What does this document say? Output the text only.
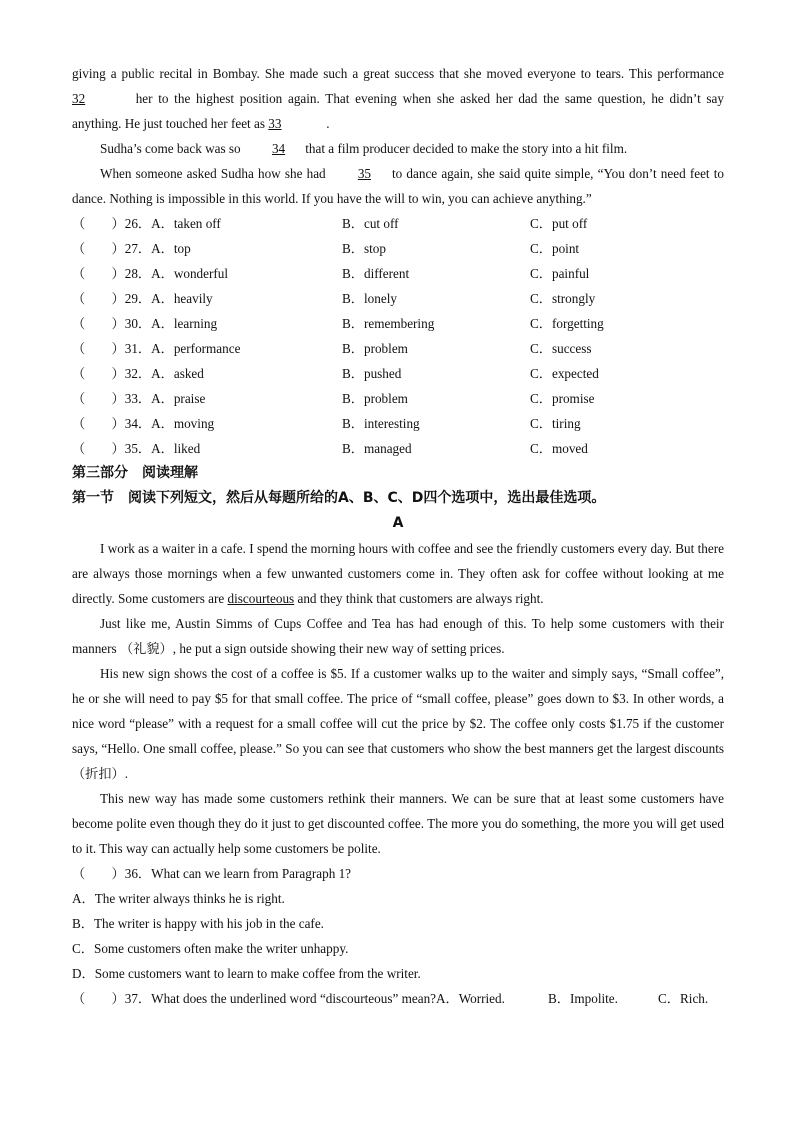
giving a public recital in Bombay. She made such a great success that she moved everyone to tears. This performance 32	her to the highest position again. That evening when she asked her dad the same question, he didn’t say anything. He just touched her feet as 33	.

Sudha’s come back was so 34 that a film producer decided to make the story into a hit film.

When someone asked Sudha how she had 35 to dance again, she said quite simple, “You don’t need feet to dance. Nothing is impossible in this world. If you have the will to win, you can achieve anything.”

（　　）26．A．taken off	B．cut off	C．put off
（　　）27．A．top	B．stop	C．point
（　　）28．A．wonderful	B．different	C．painful
（　　）29．A．heavily	B．lonely	C．strongly
（　　）30．A．learning	B．remembering	C．forgetting
（　　）31．A．performance	B．problem	C．success
（　　）32．A．asked	B．pushed	C．expected
（　　）33．A．praise	B．problem	C．promise
（　　）34．A．moving	B．interesting	C．tiring
（　　）35．A．liked	B．managed	C．moved

第三部分　阅读理解

第一节　阅读下列短文，然后从每题所给的A、B、C、D四个选项中，选出最佳选项。

A

I work as a waiter in a cafe. I spend the morning hours with coffee and see the friendly customers every day. But there are always those mornings when a few unwanted customers come in. They often ask for coffee without looking at me directly. Some customers are discourteous and they think that customers are always right.

Just like me, Austin Simms of Cups Coffee and Tea has had enough of this. To help some customers with their manners （礼貌）, he put a sign outside showing their new way of setting prices.

His new sign shows the cost of a coffee is $5. If a customer walks up to the waiter and simply says, “Small coffee”, he or she will need to pay $5 for that small coffee. The price of “small coffee, please” goes down to $3. In other words, a nice word “please” with a request for a small coffee will cut the price by $2. The coffee only costs $1.75 if the customer says, “Hello. One small coffee, please.” So you can see that customers who show the best manners get the largest discounts （折扣）.

This new way has made some customers rethink their manners. We can be sure that at least some customers have become polite even though they do it just to get discounted coffee. The more you do something, the more you will get used to it. This way can actually help some customers be polite.

（　　）36．What can we learn from Paragraph 1?

A．The writer always thinks he is right.

B．The writer is happy with his job in the cafe.

C．Some customers often make the writer unhappy.

D．Some customers want to learn to make coffee from the writer.

（　　）37．What does the underlined word “discourteous” mean?A．Worried.	B．Impolite.	C．Rich.
